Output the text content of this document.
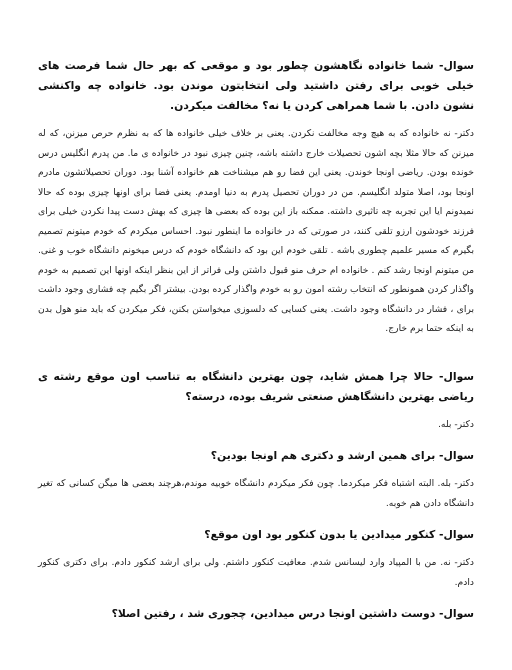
سوال- شما خانواده نگاهشون چطور بود و موقعی که بهر حال شما فرصت های خیلی خوبی برای رفتن داشتید ولی انتخابتون موندن بود. خانواده چه واکنشی نشون دادن. با شما همراهی کردن یا نه؟ مخالفت میکردن.

دکتر- نه خانواده که به هیچ وجه مخالفت نکردن. یعنی بر خلاف خیلی خانواده ها که به نظرم حرص میزنن، که له میزنن که حالا مثلا بچه اشون تحصیلات خارج داشته باشه، چنین چیزی نبود در خانواده ی ما. من پدرم انگلیس درس خونده بودن. ریاضی اونجا خوندن. یعنی این فضا رو هم میشناخت هم خانواده آشنا بود. دوران تحصیلاتشون مادرم اونجا بود، اصلا متولد انگلیسم. من در دوران تحصیل پدرم به دنیا اومدم. یعنی فضا برای اونها چیزی بوده که حالا نمیدونم ایا این تجربه چه تاثیری داشته. ممکنه باز این بوده که بعضی ها چیزی که بهش دست پیدا نکردن خیلی برای فرزند خودشون ارزو تلقی کنند، در صورتی که در خانواده ما اینطور نبود. احساس میکردم که خودم میتونم تصمیم بگیرم که مسیر علمیم چطوری باشه . تلقی خودم این بود که دانشگاه خودم که درس میخونم دانشگاه خوب و غنی. من میتونم اونجا رشد کنم . خانواده ام حرف منو قبول داشتن ولی فراتر از این بنظر اینکه اونها این تصمیم به خودم واگذار کردن همونطور که انتخاب رشته امون رو به خودم واگذار کرده بودن. بیشتر اگر بگیم چه فشاری وجود داشت برای ، فشار در دانشگاه وجود داشت. یعنی کسایی که دلسوزی میخواستن بکنن، فکر میکردن که باید منو هول بدن به اینکه حتما برم خارج.

سوال- حالا چرا همش شاید، چون بهترین دانشگاه به تناسب اون موقع رشته ی ریاضی بهترین دانشگاهش صنعتی شریف بوده، درسته؟

دکتر- بله.

سوال- برای همین ارشد و دکتری هم اونجا بودین؟

دکتر- بله. البته اشتباه فکر میکردما. چون فکر میکردم دانشگاه خوبیه موندم،هرچند بعضی ها میگن کسانی که تغیر دانشگاه دادن هم خوبه.

سوال- کنکور میدادین یا بدون کنکور بود اون موقع؟

دکتر- نه. من با المپیاد وارد لیسانس شدم. معافیت کنکور داشتم. ولی برای ارشد کنکور دادم. برای دکتری کنکور دادم.

سوال- دوست داشتین اونجا درس میدادین، چجوری شد ، رفتین اصلا؟
